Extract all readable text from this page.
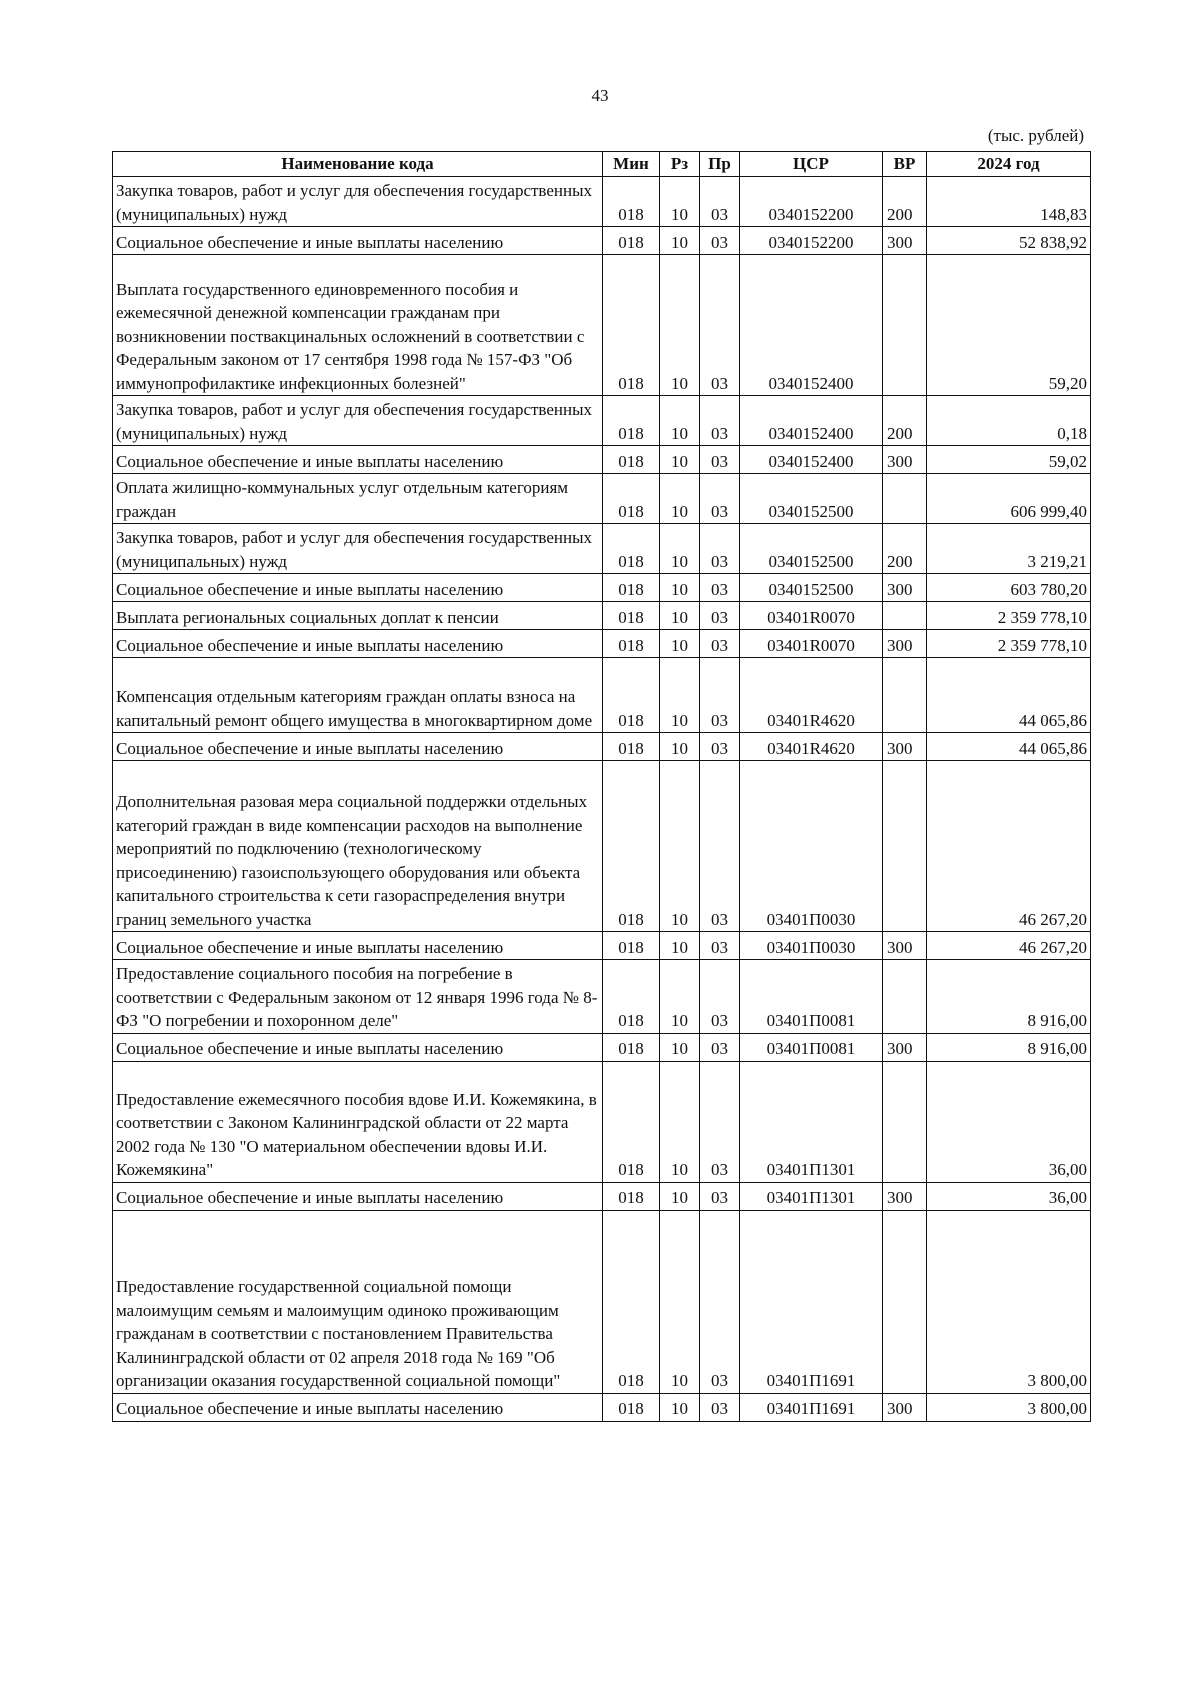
43
(тыс. рублей)
Наименование кода	Мин	Рз	Пр	ЦСР	ВР	2024 год
Закупка товаров, работ и услуг для обеспечения государственных (муниципальных) нужд	018	10	03	0340152200	200	148,83
Социальное обеспечение и иные выплаты населению	018	10	03	0340152200	300	52 838,92
Выплата государственного единовременного пособия и ежемесячной денежной компенсации гражданам при возникновении поствакцинальных осложнений в соответствии с Федеральным законом от 17 сентября 1998 года № 157-ФЗ "Об иммунопрофилактике инфекционных болезней"	018	10	03	0340152400		59,20
Закупка товаров, работ и услуг для обеспечения государственных (муниципальных) нужд	018	10	03	0340152400	200	0,18
Социальное обеспечение и иные выплаты населению	018	10	03	0340152400	300	59,02
Оплата жилищно-коммунальных услуг отдельным категориям граждан	018	10	03	0340152500		606 999,40
Закупка товаров, работ и услуг для обеспечения государственных (муниципальных) нужд	018	10	03	0340152500	200	3 219,21
Социальное обеспечение и иные выплаты населению	018	10	03	0340152500	300	603 780,20
Выплата региональных социальных доплат к пенсии	018	10	03	03401R0070		2 359 778,10
Социальное обеспечение и иные выплаты населению	018	10	03	03401R0070	300	2 359 778,10
Компенсация отдельным категориям граждан оплаты взноса на капитальный ремонт общего имущества в многоквартирном доме	018	10	03	03401R4620		44 065,86
Социальное обеспечение и иные выплаты населению	018	10	03	03401R4620	300	44 065,86
Дополнительная разовая мера социальной поддержки отдельных категорий граждан в виде компенсации расходов на выполнение мероприятий по подключению (технологическому присоединению) газоиспользующего оборудования или объекта капитального строительства к сети газораспределения внутри границ земельного участка	018	10	03	03401П0030		46 267,20
Социальное обеспечение и иные выплаты населению	018	10	03	03401П0030	300	46 267,20
Предоставление социального пособия на погребение в соответствии с Федеральным законом от 12 января 1996 года № 8-ФЗ "О погребении и похоронном деле"	018	10	03	03401П0081		8 916,00
Социальное обеспечение и иные выплаты населению	018	10	03	03401П0081	300	8 916,00
Предоставление ежемесячного пособия вдове И.И. Кожемякина, в соответствии с Законом Калининградской области от 22 марта 2002 года № 130 "О материальном обеспечении вдовы И.И. Кожемякина"	018	10	03	03401П1301		36,00
Социальное обеспечение и иные выплаты населению	018	10	03	03401П1301	300	36,00
Предоставление государственной социальной помощи малоимущим семьям и малоимущим одиноко проживающим гражданам в соответствии с постановлением Правительства Калининградской области от 02 апреля 2018 года № 169 "Об организации оказания государственной социальной помощи"	018	10	03	03401П1691		3 800,00
Социальное обеспечение и иные выплаты населению	018	10	03	03401П1691	300	3 800,00
